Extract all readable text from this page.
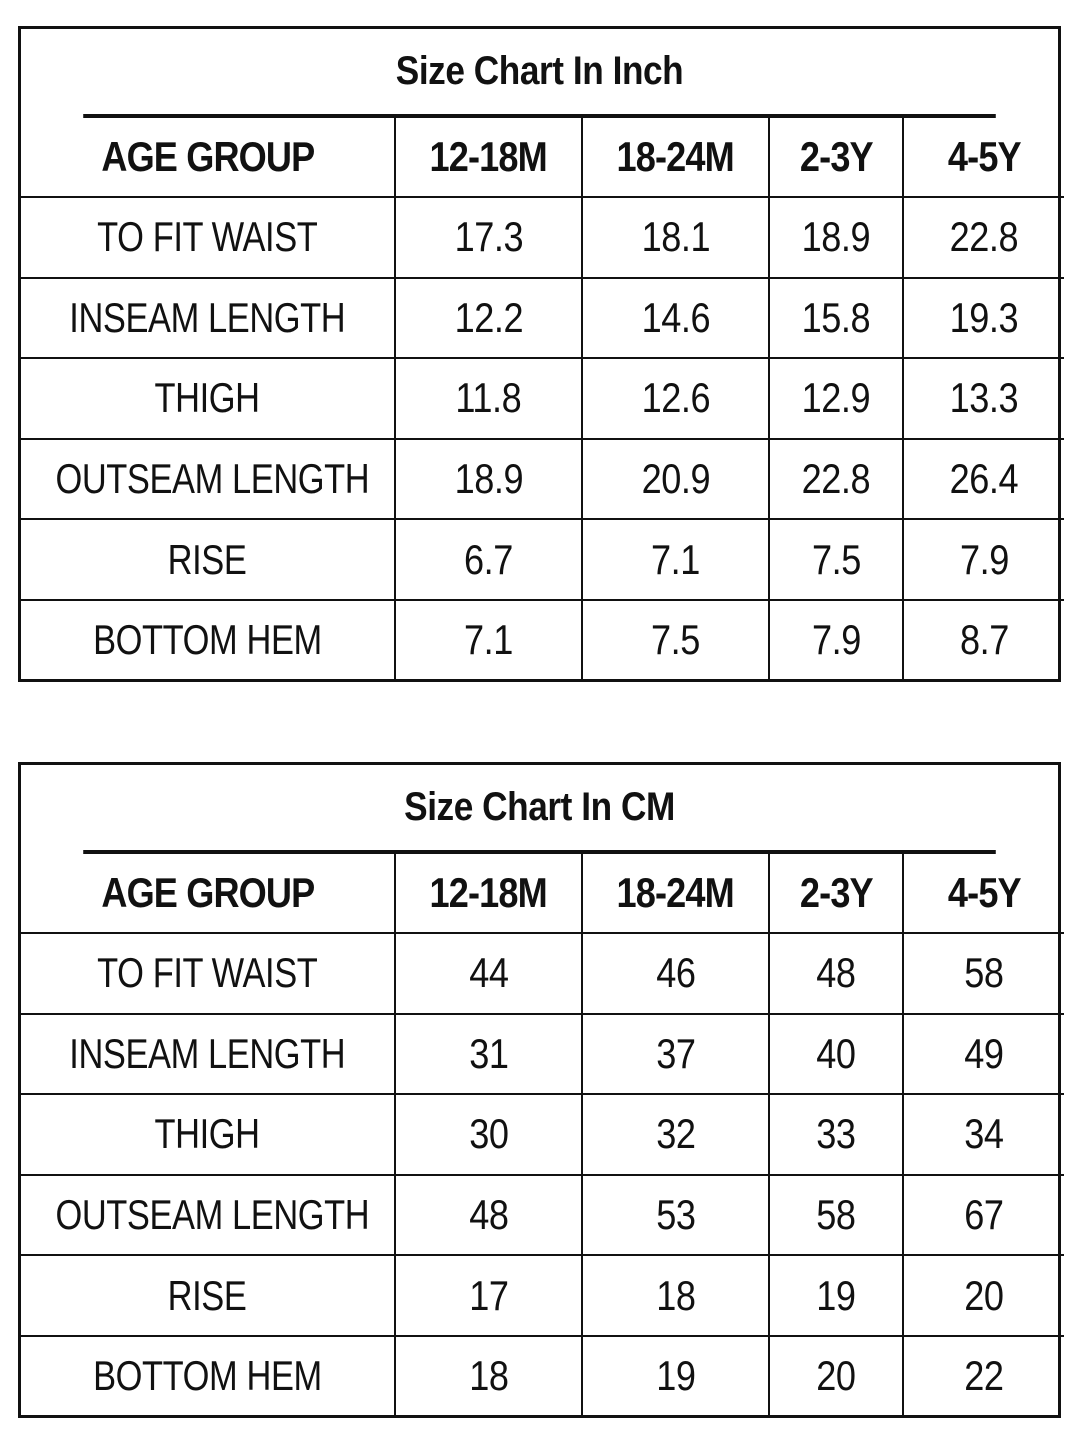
Size Chart In Inch
AGE GROUP	12-18M	18-24M	2-3Y	4-5Y
TO FIT WAIST	17.3	18.1	18.9	22.8
INSEAM LENGTH	12.2	14.6	15.8	19.3
THIGH	11.8	12.6	12.9	13.3
OUTSEAM LENGTH	18.9	20.9	22.8	26.4
RISE	6.7	7.1	7.5	7.9
BOTTOM HEM	7.1	7.5	7.9	8.7
Size Chart In CM
AGE GROUP	12-18M	18-24M	2-3Y	4-5Y
TO FIT WAIST	44	46	48	58
INSEAM LENGTH	31	37	40	49
THIGH	30	32	33	34
OUTSEAM LENGTH	48	53	58	67
RISE	17	18	19	20
BOTTOM HEM	18	19	20	22
